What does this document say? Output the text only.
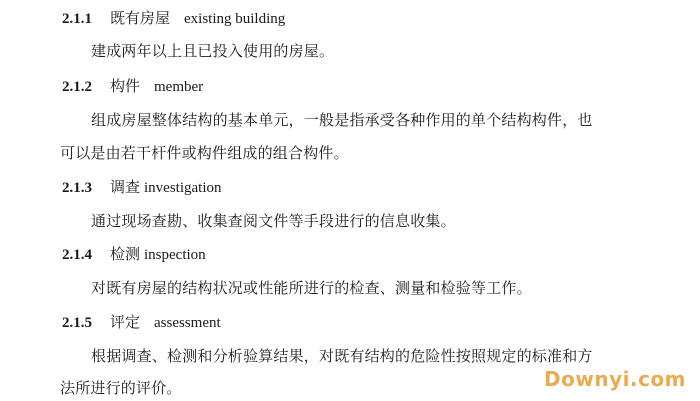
2.1.1 既有房屋 existing building
建成两年以上且已投入使用的房屋。
2.1.2 构件 member
组成房屋整体结构的基本单元，一般是指承受各种作用的单个结构构件，也
可以是由若干杆件或构件组成的组合构件。
2.1.3 调查 investigation
通过现场查勘、收集查阅文件等手段进行的信息收集。
2.1.4 检测 inspection
对既有房屋的结构状况或性能所进行的检查、测量和检验等工作。
2.1.5 评定 assessment
根据调查、检测和分析验算结果，对既有结构的危险性按照规定的标准和方
法所进行的评价。	Downyi.com
